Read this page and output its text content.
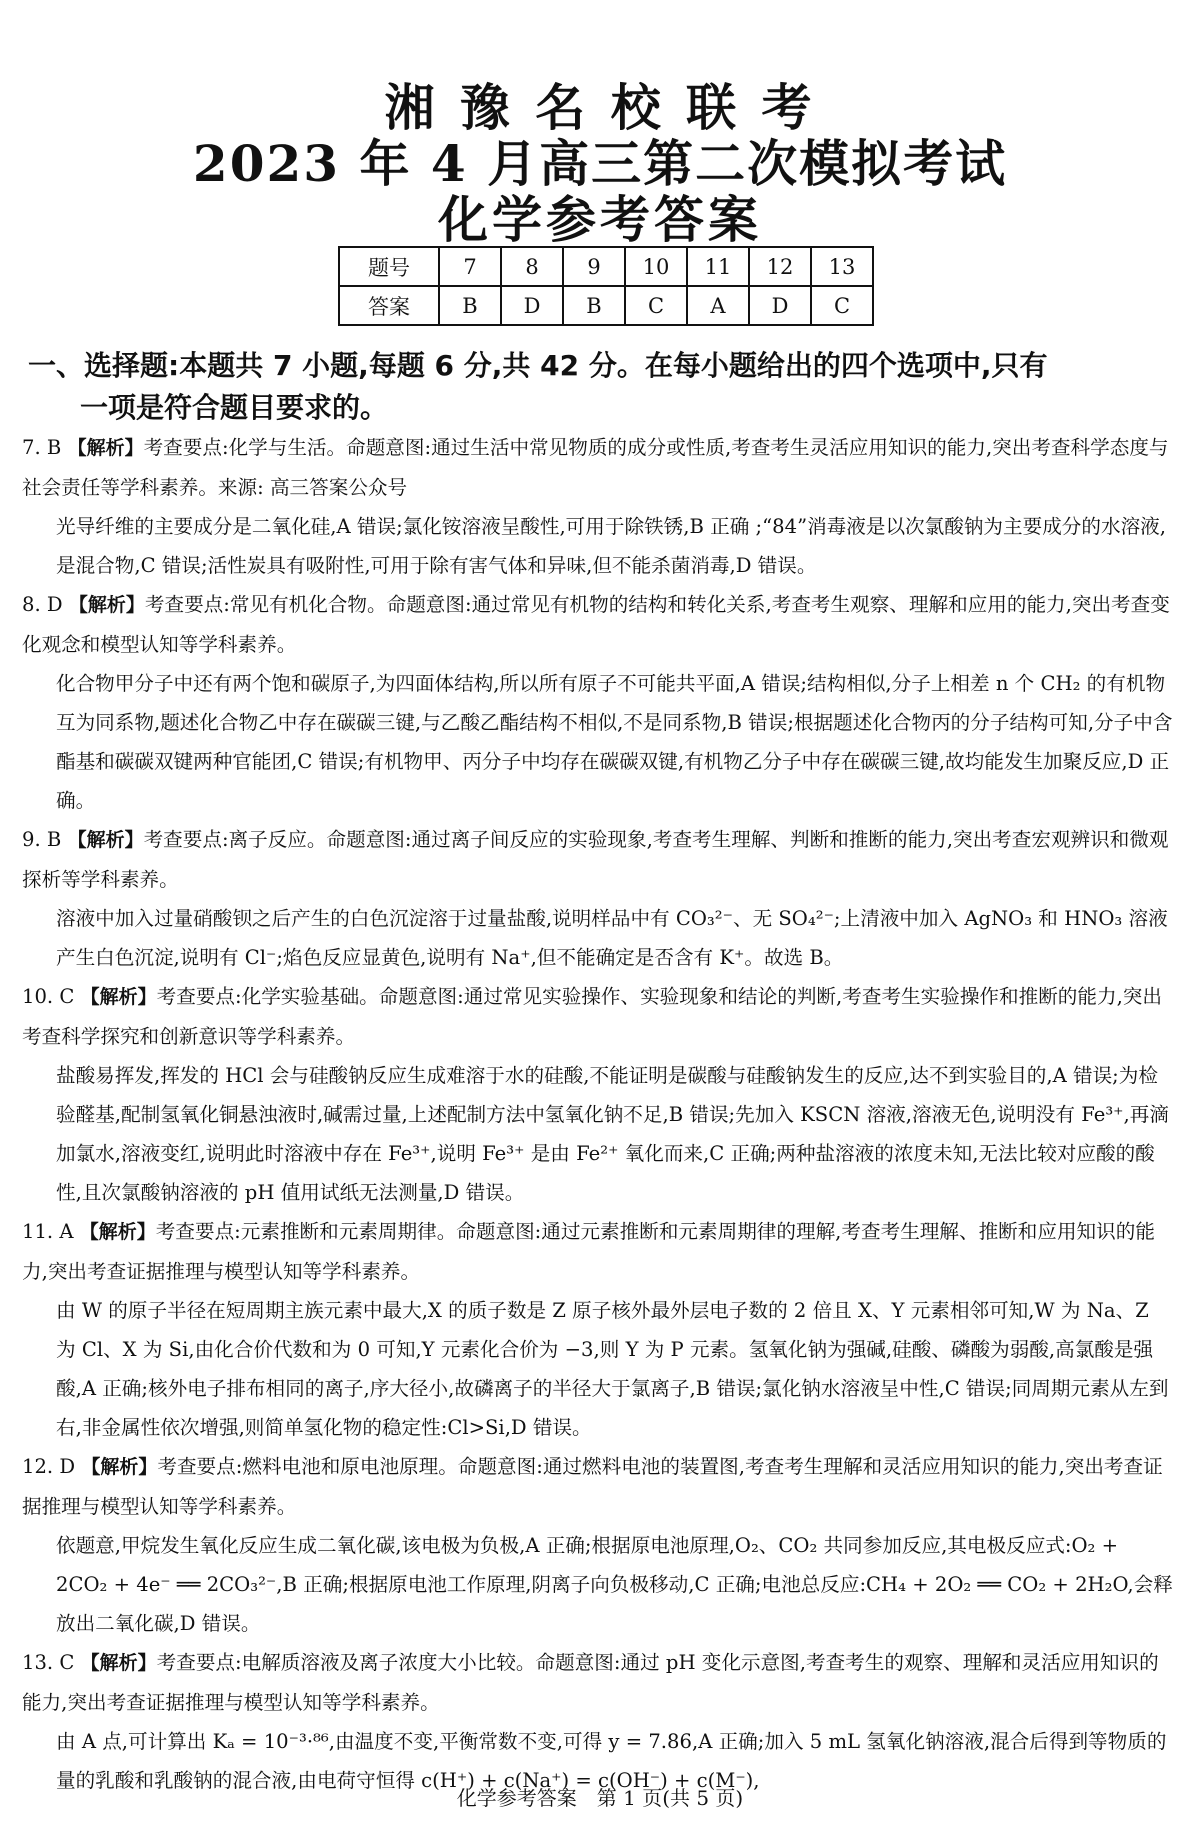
湘 豫 名 校 联 考
2023 年 4 月高三第二次模拟考试
化学参考答案
题号	7	8	9	10	11	12	13
答案	B	D	B	C	A	D	C
一、选择题:本题共 7 小题,每题 6 分,共 42 分。在每小题给出的四个选项中,只有
一项是符合题目要求的。
7. B 【解析】考查要点:化学与生活。命题意图:通过生活中常见物质的成分或性质,考查考生灵活应用知识的能力,突出考查科学态度与社会责任等学科素养。来源: 高三答案公众号
光导纤维的主要成分是二氧化硅,A 错误;氯化铵溶液呈酸性,可用于除铁锈,B 正确 ;“84”消毒液是以次氯酸钠为主要成分的水溶液,是混合物,C 错误;活性炭具有吸附性,可用于除有害气体和异味,但不能杀菌消毒,D 错误。
8. D 【解析】考查要点:常见有机化合物。命题意图:通过常见有机物的结构和转化关系,考查考生观察、理解和应用的能力,突出考查变化观念和模型认知等学科素养。
化合物甲分子中还有两个饱和碳原子,为四面体结构,所以所有原子不可能共平面,A 错误;结构相似,分子上相差 n 个 CH₂ 的有机物互为同系物,题述化合物乙中存在碳碳三键,与乙酸乙酯结构不相似,不是同系物,B 错误;根据题述化合物丙的分子结构可知,分子中含酯基和碳碳双键两种官能团,C 错误;有机物甲、丙分子中均存在碳碳双键,有机物乙分子中存在碳碳三键,故均能发生加聚反应,D 正确。
9. B 【解析】考查要点:离子反应。命题意图:通过离子间反应的实验现象,考查考生理解、判断和推断的能力,突出考查宏观辨识和微观探析等学科素养。
溶液中加入过量硝酸钡之后产生的白色沉淀溶于过量盐酸,说明样品中有 CO₃²⁻、无 SO₄²⁻;上清液中加入 AgNO₃ 和 HNO₃ 溶液产生白色沉淀,说明有 Cl⁻;焰色反应显黄色,说明有 Na⁺,但不能确定是否含有 K⁺。故选 B。
10. C 【解析】考查要点:化学实验基础。命题意图:通过常见实验操作、实验现象和结论的判断,考查考生实验操作和推断的能力,突出考查科学探究和创新意识等学科素养。
盐酸易挥发,挥发的 HCl 会与硅酸钠反应生成难溶于水的硅酸,不能证明是碳酸与硅酸钠发生的反应,达不到实验目的,A 错误;为检验醛基,配制氢氧化铜悬浊液时,碱需过量,上述配制方法中氢氧化钠不足,B 错误;先加入 KSCN 溶液,溶液无色,说明没有 Fe³⁺,再滴加氯水,溶液变红,说明此时溶液中存在 Fe³⁺,说明 Fe³⁺ 是由 Fe²⁺ 氧化而来,C 正确;两种盐溶液的浓度未知,无法比较对应酸的酸性,且次氯酸钠溶液的 pH 值用试纸无法测量,D 错误。
11. A 【解析】考查要点:元素推断和元素周期律。命题意图:通过元素推断和元素周期律的理解,考查考生理解、推断和应用知识的能力,突出考查证据推理与模型认知等学科素养。
由 W 的原子半径在短周期主族元素中最大,X 的质子数是 Z 原子核外最外层电子数的 2 倍且 X、Y 元素相邻可知,W 为 Na、Z 为 Cl、X 为 Si,由化合价代数和为 0 可知,Y 元素化合价为 −3,则 Y 为 P 元素。氢氧化钠为强碱,硅酸、磷酸为弱酸,高氯酸是强酸,A 正确;核外电子排布相同的离子,序大径小,故磷离子的半径大于氯离子,B 错误;氯化钠水溶液呈中性,C 错误;同周期元素从左到右,非金属性依次增强,则简单氢化物的稳定性:Cl>Si,D 错误。
12. D 【解析】考查要点:燃料电池和原电池原理。命题意图:通过燃料电池的装置图,考查考生理解和灵活应用知识的能力,突出考查证据推理与模型认知等学科素养。
依题意,甲烷发生氧化反应生成二氧化碳,该电极为负极,A 正确;根据原电池原理,O₂、CO₂ 共同参加反应,其电极反应式:O₂ + 2CO₂ + 4e⁻ ══ 2CO₃²⁻,B 正确;根据原电池工作原理,阴离子向负极移动,C 正确;电池总反应:CH₄ + 2O₂ ══ CO₂ + 2H₂O,会释放出二氧化碳,D 错误。
13. C 【解析】考查要点:电解质溶液及离子浓度大小比较。命题意图:通过 pH 变化示意图,考查考生的观察、理解和灵活应用知识的能力,突出考查证据推理与模型认知等学科素养。
由 A 点,可计算出 Kₐ = 10⁻³·⁸⁶,由温度不变,平衡常数不变,可得 y = 7.86,A 正确;加入 5 mL 氢氧化钠溶液,混合后得到等物质的量的乳酸和乳酸钠的混合液,由电荷守恒得 c(H⁺) + c(Na⁺) = c(OH⁻) + c(M⁻),
化学参考答案　第 1 页(共 5 页)
